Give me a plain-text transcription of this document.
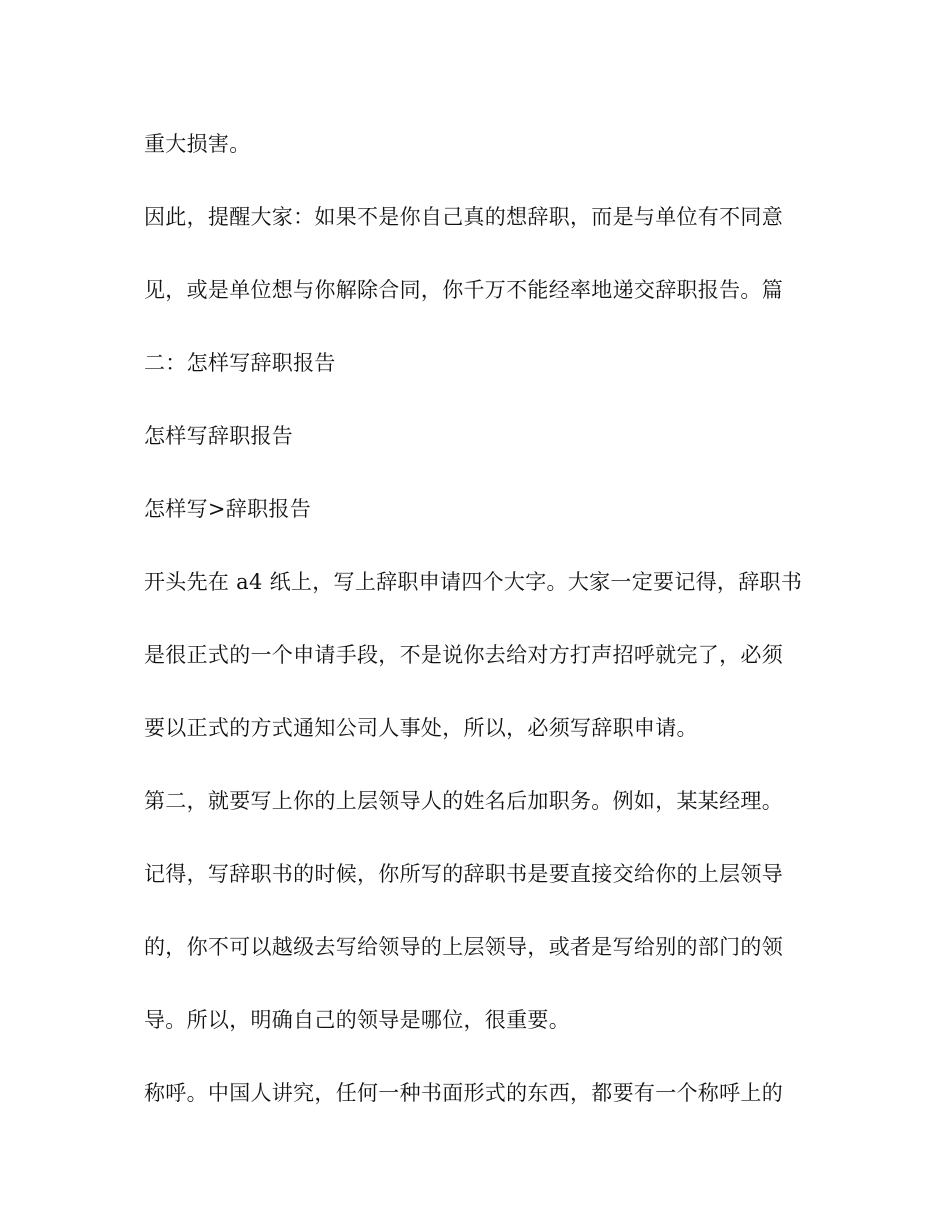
重大损害。
因此，提醒大家：如果不是你自己真的想辞职，而是与单位有不同意
见，或是单位想与你解除合同，你千万不能经率地递交辞职报告。篇
二：怎样写辞职报告
怎样写辞职报告
怎样写>辞职报告
开头先在 a4 纸上，写上辞职申请四个大字。大家一定要记得，辞职书
是很正式的一个申请手段，不是说你去给对方打声招呼就完了，必须
要以正式的方式通知公司人事处，所以，必须写辞职申请。
第二，就要写上你的上层领导人的姓名后加职务。例如，某某经理。
记得，写辞职书的时候，你所写的辞职书是要直接交给你的上层领导
的，你不可以越级去写给领导的上层领导，或者是写给别的部门的领
导。所以，明确自己的领导是哪位，很重要。
称呼。中国人讲究，任何一种书面形式的东西，都要有一个称呼上的
